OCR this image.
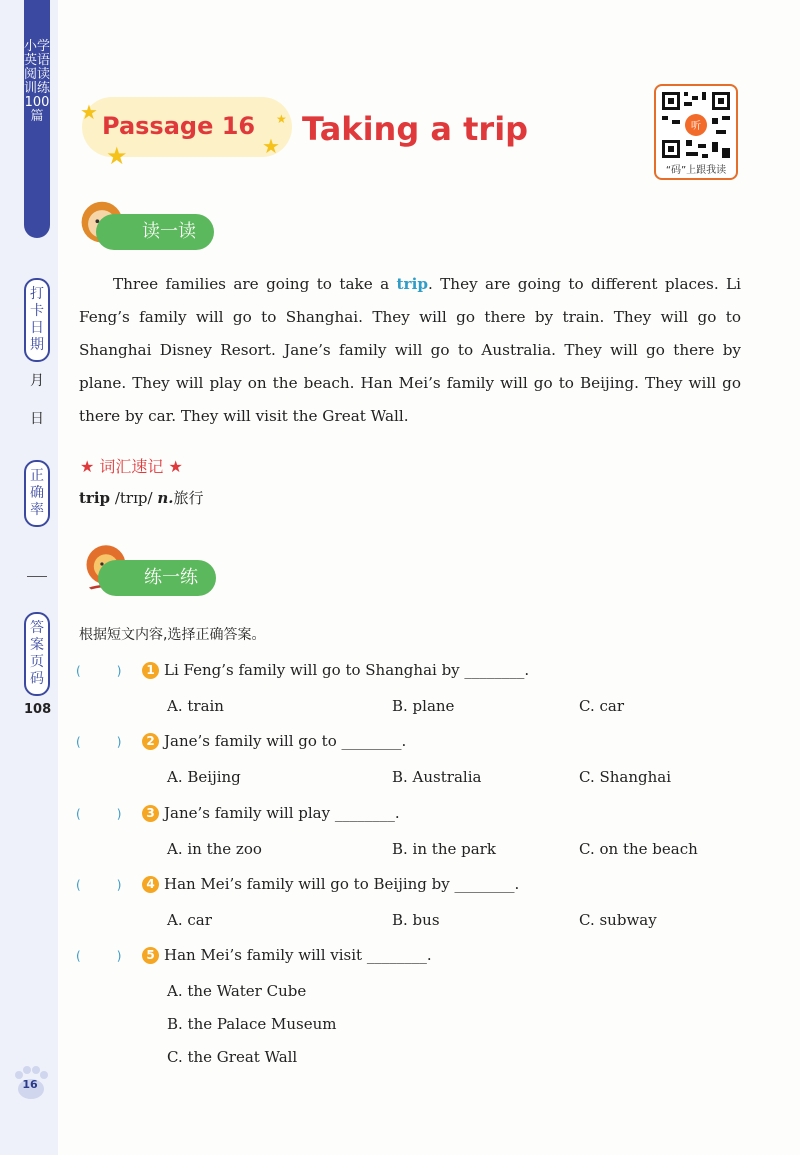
小学英语阅读训练100篇
打卡日期
月
日
正确率
答案页码
108
★
★	★
★
Passage 16 Taking a trip	听
“码”上跟我读
读一读

Three families are going to take a trip. They are going to different places. Li Feng’s family will go to Shanghai. They will go there by train. They will go to Shanghai Disney Resort. Jane’s family will go to Australia. They will go there by plane. They will play on the beach. Han Mei’s family will go to Beijing. They will go there by car. They will visit the Great Wall.

★ 词汇速记 ★
trip /trɪp/ n.旅行
练一练
根据短文内容,选择正确答案。
(	) 1 Li Feng’s family will go to Shanghai by ________.
A. train	B. plane	C. car
(	) 2 Jane’s family will go to ________.
A. Beijing	B. Australia	C. Shanghai
(	) 3 Jane’s family will play ________.
A. in the zoo	B. in the park	C. on the beach
(	) 4 Han Mei’s family will go to Beijing by ________.
A. car	B. bus	C. subway
(	) 5 Han Mei’s family will visit ________.
A. the Water Cube
B. the Palace Museum
C. the Great Wall
16
